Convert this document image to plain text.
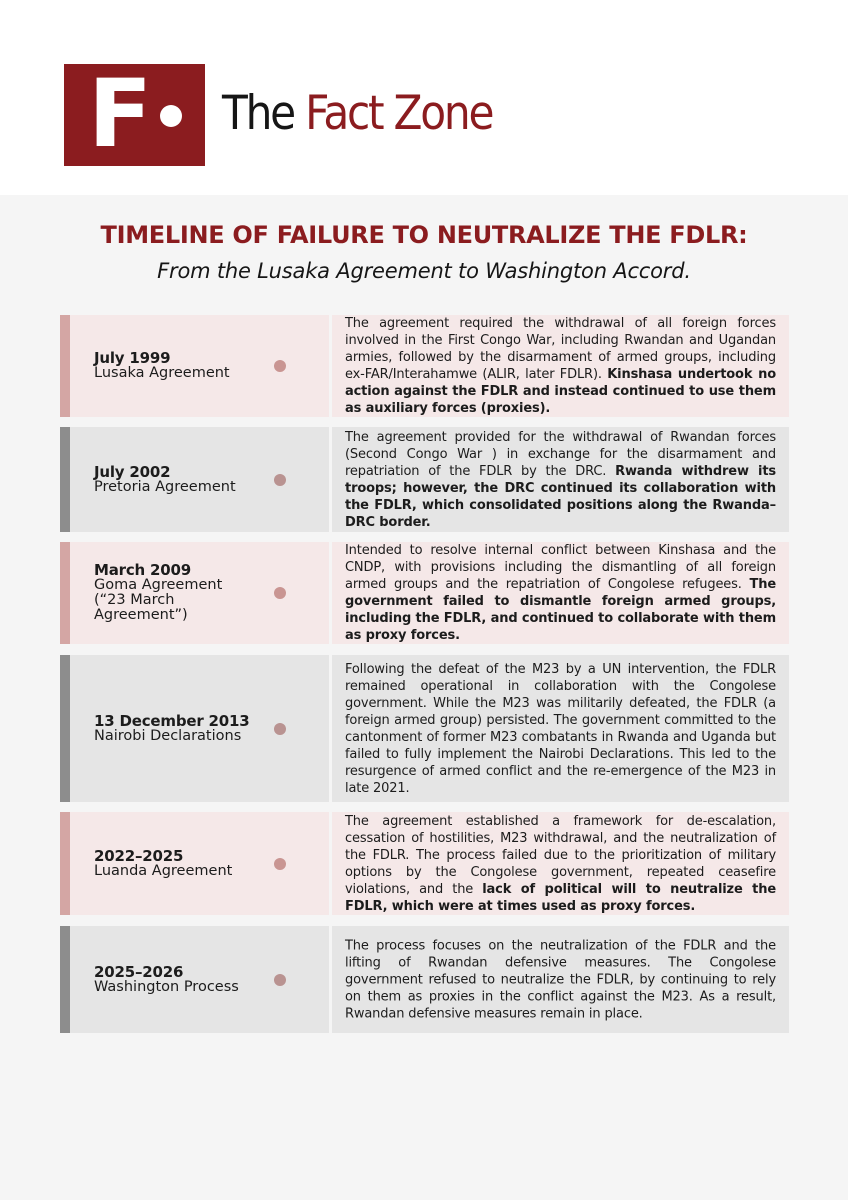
F The Fact Zone
TIMELINE OF FAILURE TO NEUTRALIZE THE FDLR:
From the Lusaka Agreement to Washington Accord.
July 1999
Lusaka Agreement
The agreement required the withdrawal of all foreign forces involved in the First Congo War, including Rwandan and Ugandan armies, followed by the disarmament of armed groups, including ex-FAR/Interahamwe (ALIR, later FDLR). Kinshasa undertook no action against the FDLR and instead continued to use them as auxiliary forces (proxies).
July 2002
Pretoria Agreement
The agreement provided for the withdrawal of Rwandan forces (Second Congo War ) in exchange for the disarmament and repatriation of the FDLR by the DRC. Rwanda withdrew its troops; however, the DRC continued its collaboration with the FDLR, which consolidated positions along the Rwanda–DRC border.
March 2009
Goma Agreement (“23 March Agreement”)
Intended to resolve internal conflict between Kinshasa and the CNDP, with provisions including the dismantling of all foreign armed groups and the repatriation of Congolese refugees. The government failed to dismantle foreign armed groups, including the FDLR, and continued to collaborate with them as proxy forces.
13 December 2013
Nairobi Declarations
Following the defeat of the M23 by a UN intervention, the FDLR remained operational in collaboration with the Congolese government. While the M23 was militarily defeated, the FDLR (a foreign armed group) persisted. The government committed to the cantonment of former M23 combatants in Rwanda and Uganda but failed to fully implement the Nairobi Declarations. This led to the resurgence of armed conflict and the re-emergence of the M23 in late 2021.
2022–2025
Luanda Agreement
The agreement established a framework for de-escalation, cessation of hostilities, M23 withdrawal, and the neutralization of the FDLR. The process failed due to the prioritization of military options by the Congolese government, repeated ceasefire violations, and the lack of political will to neutralize the FDLR, which were at times used as proxy forces.
2025–2026
Washington Process
The process focuses on the neutralization of the FDLR and the lifting of Rwandan defensive measures. The Congolese government refused to neutralize the FDLR, by continuing to rely on them as proxies in the conflict against the M23. As a result, Rwandan defensive measures remain in place.
